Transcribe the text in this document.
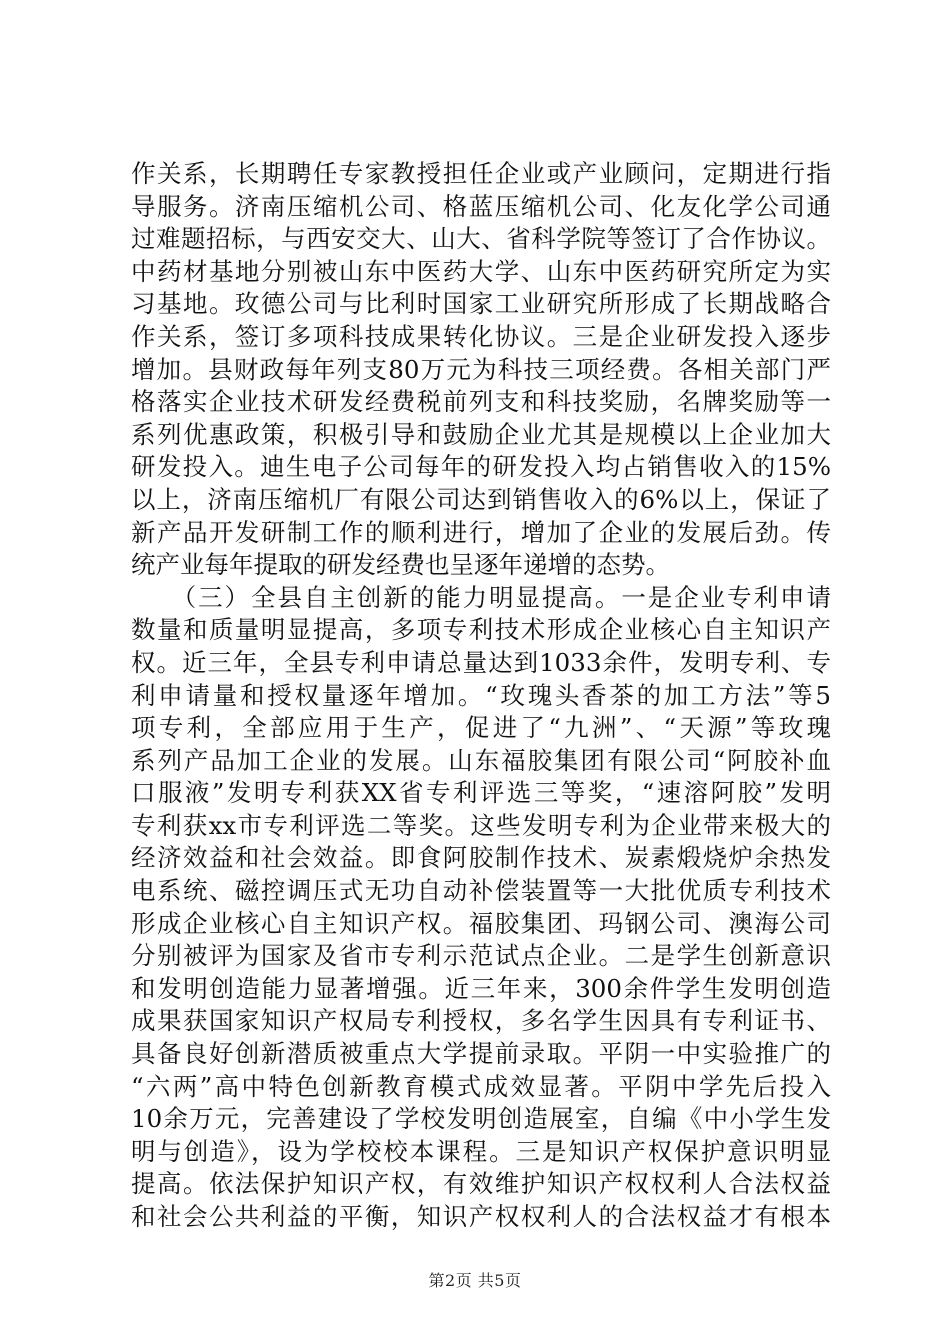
作关系，长期聘任专家教授担任企业或产业顾问，定期进行指
导服务。济南压缩机公司、格蓝压缩机公司、化友化学公司通
过难题招标，与西安交大、山大、省科学院等签订了合作协议。
中药材基地分别被山东中医药大学、山东中医药研究所定为实
习基地。玫德公司与比利时国家工业研究所形成了长期战略合
作关系，签订多项科技成果转化协议。三是企业研发投入逐步
增加。县财政每年列支80万元为科技三项经费。各相关部门严
格落实企业技术研发经费税前列支和科技奖励，名牌奖励等一
系列优惠政策，积极引导和鼓励企业尤其是规模以上企业加大
研发投入。迪生电子公司每年的研发投入均占销售收入的15%
以上，济南压缩机厂有限公司达到销售收入的6%以上，保证了
新产品开发研制工作的顺利进行，增加了企业的发展后劲。传
统产业每年提取的研发经费也呈逐年递增的态势。
　　（三）全县自主创新的能力明显提高。一是企业专利申请
数量和质量明显提高，多项专利技术形成企业核心自主知识产
权。近三年，全县专利申请总量达到1033余件，发明专利、专
利申请量和授权量逐年增加。“玫瑰头香茶的加工方法”等5
项专利，全部应用于生产，促进了“九洲”、“天源”等玫瑰
系列产品加工企业的发展。山东福胶集团有限公司“阿胶补血
口服液”发明专利获XX省专利评选三等奖，“速溶阿胶”发明
专利获xx市专利评选二等奖。这些发明专利为企业带来极大的
经济效益和社会效益。即食阿胶制作技术、炭素煅烧炉余热发
电系统、磁控调压式无功自动补偿装置等一大批优质专利技术
形成企业核心自主知识产权。福胶集团、玛钢公司、澳海公司
分别被评为国家及省市专利示范试点企业。二是学生创新意识
和发明创造能力显著增强。近三年来，300余件学生发明创造
成果获国家知识产权局专利授权，多名学生因具有专利证书、
具备良好创新潜质被重点大学提前录取。平阴一中实验推广的
“六两”高中特色创新教育模式成效显著。平阴中学先后投入
10余万元，完善建设了学校发明创造展室，自编《中小学生发
明与创造》，设为学校校本课程。三是知识产权保护意识明显
提高。依法保护知识产权，有效维护知识产权权利人合法权益
和社会公共利益的平衡，知识产权权利人的合法权益才有根本
第2页 共5页
